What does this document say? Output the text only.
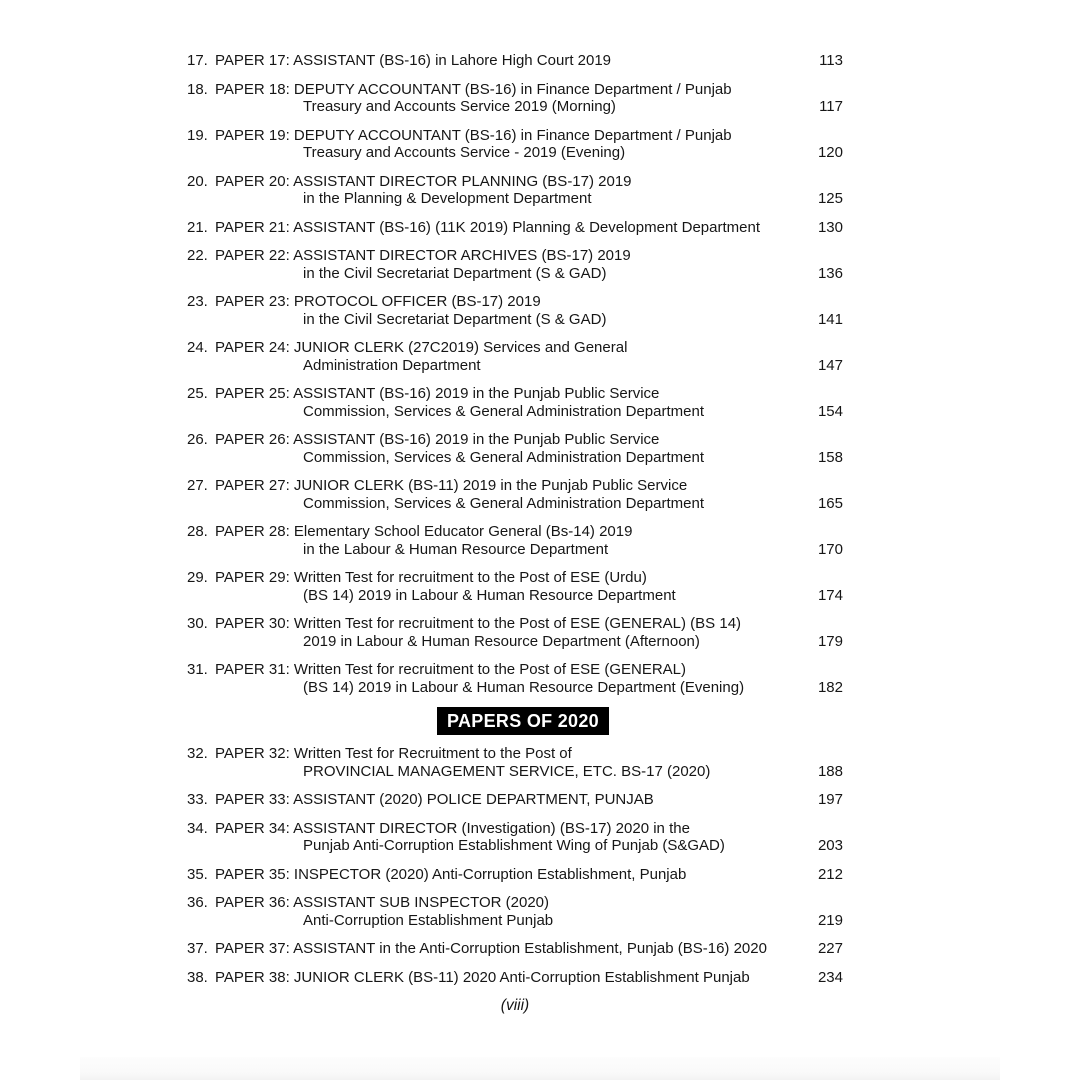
17. PAPER 17: ASSISTANT (BS-16) in Lahore High Court 2019	113
18. PAPER 18: DEPUTY ACCOUNTANT (BS-16) in Finance Department / Punjab
Treasury and Accounts Service 2019 (Morning)	117
19. PAPER 19: DEPUTY ACCOUNTANT (BS-16) in Finance Department / Punjab
Treasury and Accounts Service - 2019 (Evening)	120
20. PAPER 20: ASSISTANT DIRECTOR PLANNING (BS-17) 2019
in the Planning & Development Department	125
21. PAPER 21: ASSISTANT (BS-16) (11K 2019) Planning & Development Department	130
22. PAPER 22: ASSISTANT DIRECTOR ARCHIVES (BS-17) 2019
in the Civil Secretariat Department (S & GAD)	136
23. PAPER 23: PROTOCOL OFFICER (BS-17) 2019
in the Civil Secretariat Department (S & GAD)	141
24. PAPER 24: JUNIOR CLERK (27C2019) Services and General
Administration Department	147
25. PAPER 25: ASSISTANT (BS-16) 2019 in the Punjab Public Service
Commission, Services & General Administration Department	154
26. PAPER 26: ASSISTANT (BS-16) 2019 in the Punjab Public Service
Commission, Services & General Administration Department	158
27. PAPER 27: JUNIOR CLERK (BS-11) 2019 in the Punjab Public Service
Commission, Services & General Administration Department	165
28. PAPER 28: Elementary School Educator General (Bs-14) 2019
in the Labour & Human Resource Department	170
29. PAPER 29: Written Test for recruitment to the Post of ESE (Urdu)
(BS 14) 2019 in Labour & Human Resource Department	174
30. PAPER 30: Written Test for recruitment to the Post of ESE (GENERAL) (BS 14)
2019 in Labour & Human Resource Department (Afternoon)	179
31. PAPER 31: Written Test for recruitment to the Post of ESE (GENERAL)
(BS 14) 2019 in Labour & Human Resource Department (Evening)	182
PAPERS OF 2020
32. PAPER 32: Written Test for Recruitment to the Post of
PROVINCIAL MANAGEMENT SERVICE, ETC. BS-17 (2020)	188
33. PAPER 33: ASSISTANT (2020) POLICE DEPARTMENT, PUNJAB	197
34. PAPER 34: ASSISTANT DIRECTOR (Investigation) (BS-17) 2020 in the
Punjab Anti-Corruption Establishment Wing of Punjab (S&GAD)	203
35. PAPER 35: INSPECTOR (2020) Anti-Corruption Establishment, Punjab	212
36. PAPER 36: ASSISTANT SUB INSPECTOR (2020)
Anti-Corruption Establishment Punjab	219
37. PAPER 37: ASSISTANT in the Anti-Corruption Establishment, Punjab (BS-16) 2020	227
38. PAPER 38: JUNIOR CLERK (BS-11) 2020 Anti-Corruption Establishment Punjab	234
(viii)
